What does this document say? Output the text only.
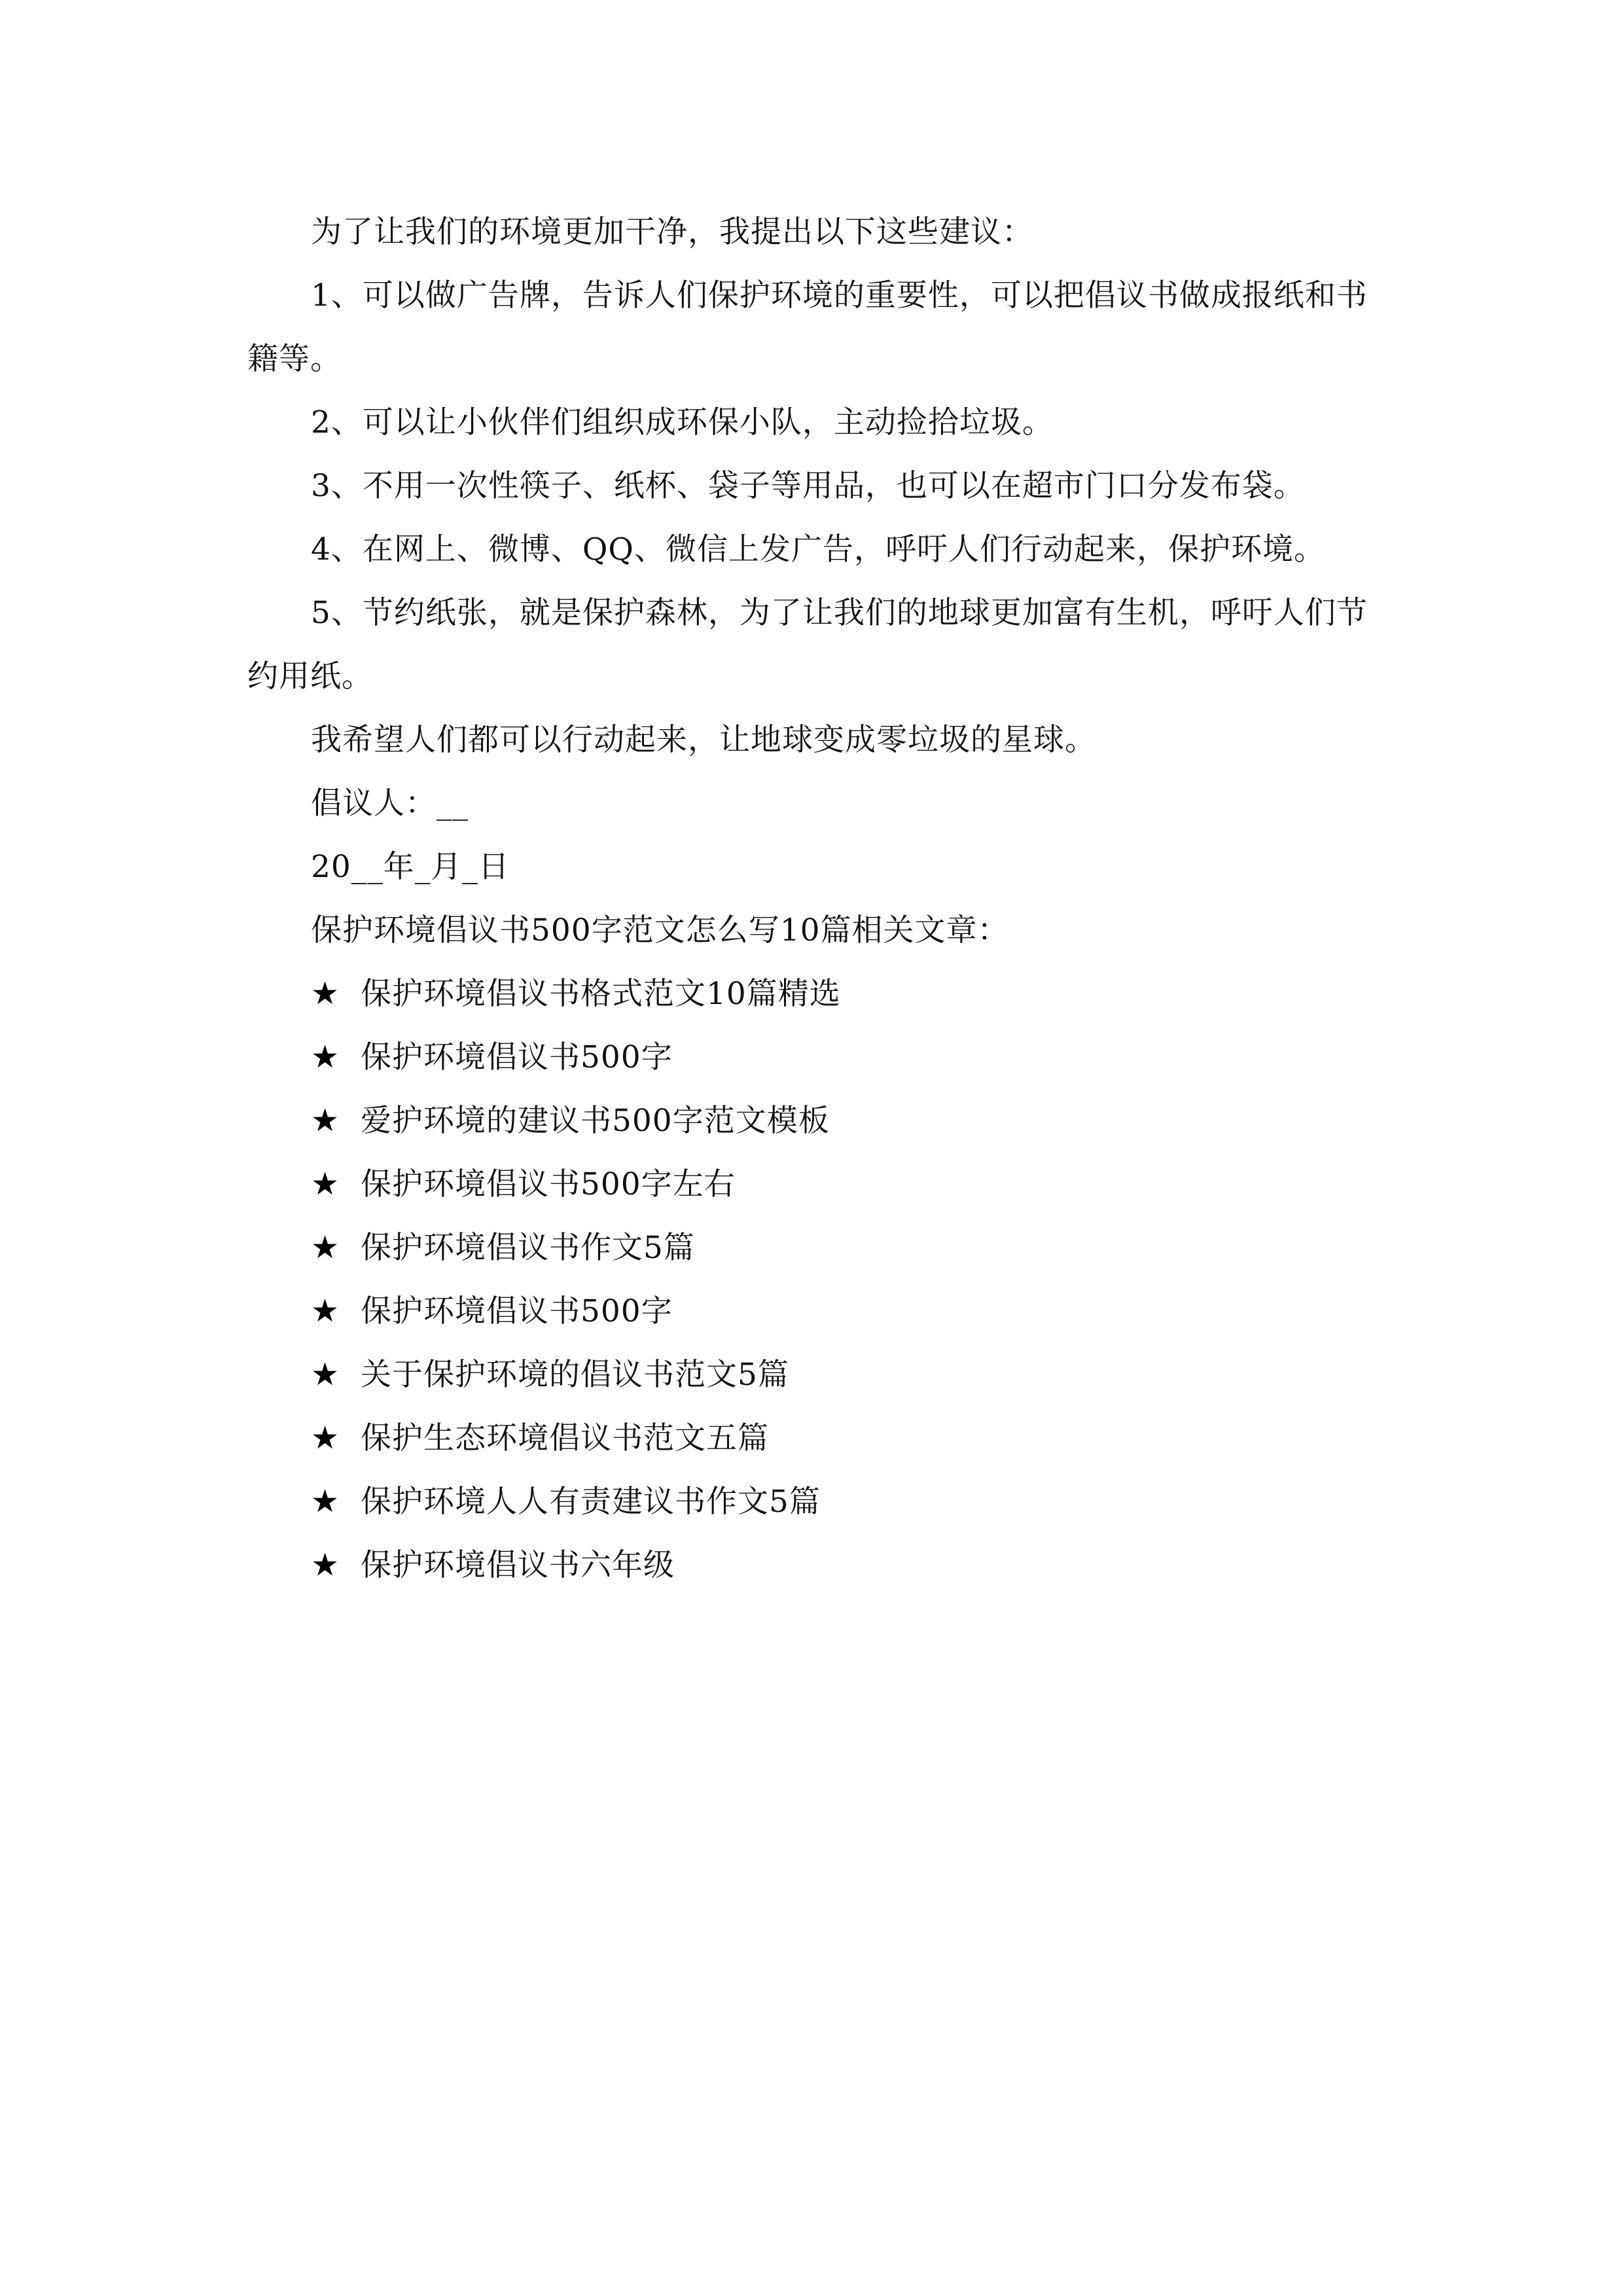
为了让我们的环境更加干净，我提出以下这些建议：

1、可以做广告牌，告诉人们保护环境的重要性，可以把倡议书做成报纸和书籍等。

2、可以让小伙伴们组织成环保小队，主动捡拾垃圾。

3、不用一次性筷子、纸杯、袋子等用品，也可以在超市门口分发布袋。

4、在网上、微博、QQ、微信上发广告，呼吁人们行动起来，保护环境。

5、节约纸张，就是保护森林，为了让我们的地球更加富有生机，呼吁人们节约用纸。

我希望人们都可以行动起来，让地球变成零垃圾的星球。

倡议人：__

20__年_月_日

保护环境倡议书500字范文怎么写10篇相关文章：

★ 保护环境倡议书格式范文10篇精选
★ 保护环境倡议书500字
★ 爱护环境的建议书500字范文模板
★ 保护环境倡议书500字左右
★ 保护环境倡议书作文5篇
★ 保护环境倡议书500字
★ 关于保护环境的倡议书范文5篇
★ 保护生态环境倡议书范文五篇
★ 保护环境人人有责建议书作文5篇
★ 保护环境倡议书六年级
